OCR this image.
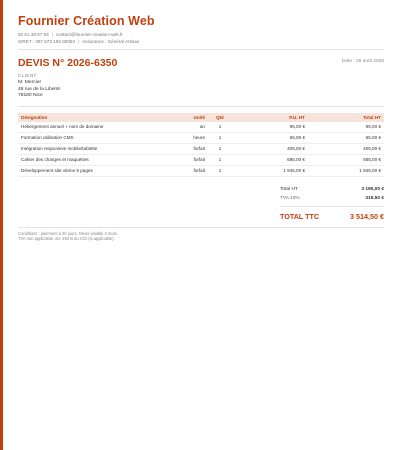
Fournier Création Web
02 61 48 87 83 | contact@fournier-creation-web.fr
SIRET : 397 573 159 00053 | Assurance : Général Artisan
DEVIS N° 2026-6350	Date : 28 août 2026
CLIENT
M. Mercier
48 rue de la Liberté
78180 Nice
Désignation	Unité	Qté	P.U. HT	Total HT
Hébergement annuel + nom de domaine	an	1	95,00 €	95,00 €
Formation utilisation CMS	heure	1	65,00 €	65,00 €
Intégration responsive mobile/tablette	forfait	1	405,00 €	405,00 €
Cahier des charges et maquettes	forfait	1	685,00 €	685,00 €
Développement site vitrine 5 pages	forfait	1	1 945,00 €	1 945,00 €
Total HT	3 195,00 €
TVA 10%	319,50 €
TOTAL TTC	3 514,50 €
Conditions : paiement à 30 jours. Devis valable 3 mois.
TVA non applicable, art. 293 B du CGI (si applicable).
